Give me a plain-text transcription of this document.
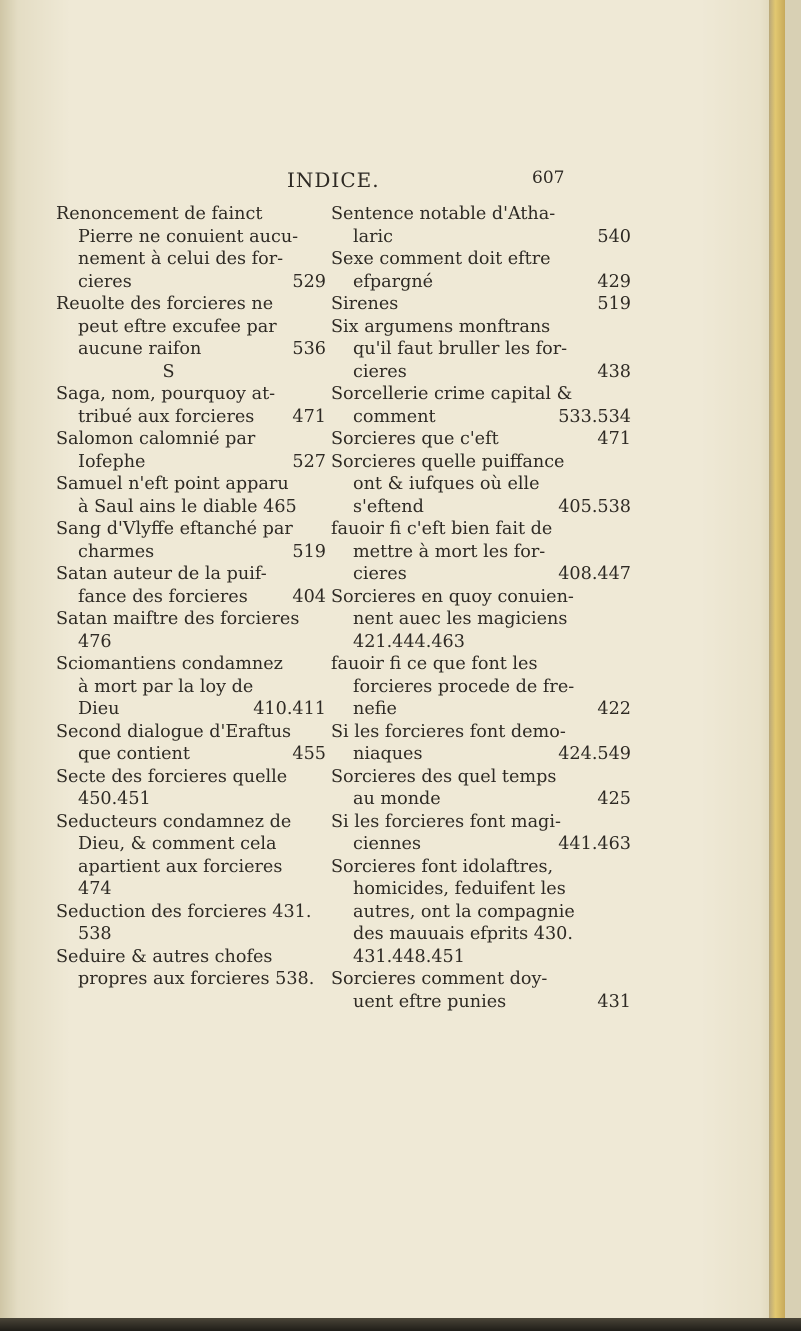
INDICE.	607
Renoncement de fainct
Pierre ne conuient aucu-
nement à celui des for-
cieres	529
Reuolte des forcieres ne
peut eftre excufee par
aucune raifon	536
S
Saga, nom, pourquoy at-
tribué aux forcieres 471
Salomon calomnié par
Iofephe	527
Samuel n'eft point apparu
à Saul ains le diable 465
Sang d'Vlyffe eftanché par
charmes	519
Satan auteur de la puif-
fance des forcieres	404
Satan maiftre des forcieres
476
Sciomantiens condamnez
à mort par la loy de
Dieu	410.411
Second dialogue d'Eraftus
que contient	455
Secte des forcieres quelle
450.451
Seducteurs condamnez de
Dieu, & comment cela
apartient aux forcieres
474
Seduction des forcieres 431.
538
Seduire & autres chofes
propres aux forcieres 538.
Sentence notable d'Atha-
laric	540
Sexe comment doit eftre
efpargné	429
Sirenes	519
Six argumens monftrans
qu'il faut bruller les for-
cieres	438
Sorcellerie crime capital &
comment	533.534
Sorcieres que c'eft	471
Sorcieres quelle puiffance
ont & iufques où elle
s'eftend	405.538
fauoir fi c'eft bien fait de
mettre à mort les for-
cieres	408.447
Sorcieres en quoy conuien-
nent auec les magiciens
421.444.463
fauoir fi ce que font les
forcieres procede de fre-
nefie	422
Si les forcieres font demo-
niaques	424.549
Sorcieres des quel temps
au monde	425
Si les forcieres font magi-
ciennes	441.463
Sorcieres font idolaftres,
homicides, feduifent les
autres, ont la compagnie
des mauuais efprits 430.
431.448.451
Sorcieres comment doy-
uent eftre punies	431
